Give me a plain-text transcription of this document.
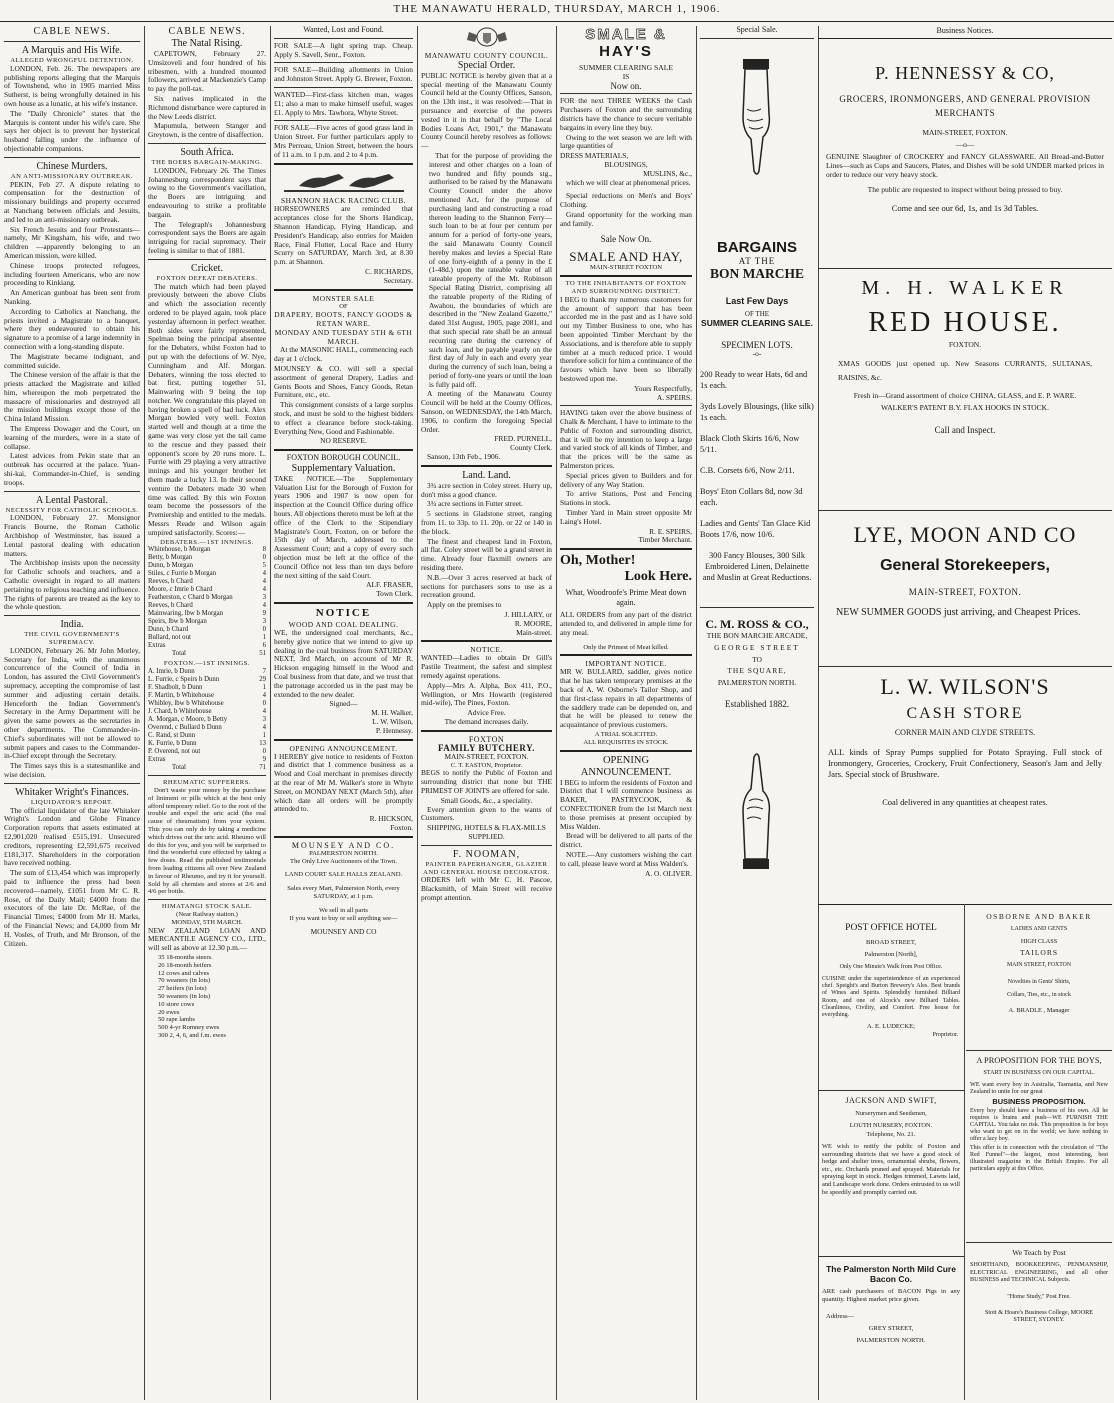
THE MANAWATU HERALD, THURSDAY, MARCH 1, 1906.
CABLE NEWS.
A Marquis and His Wife.
ALLEGED WRONGFUL DETENTION.

LONDON, Feb. 26. The newspapers are publishing reports alleging that the Marquis of Townshend, who in 1905 married Miss Sutherst, is being wrongfully detained in his own house as a lunatic, at his wife's instance.

The "Daily Chronicle" states that the Marquis is content under his wife's care. She says her object is to prevent her hysterical husband falling under the influence of objectionable companions.

Chinese Murders.
AN ANTI-MISSIONARY OUTBREAK.

PEKIN, Feb 27. A dispute relating to compensation for the destruction of missionary buildings and property occurred at Nanchang between officials and Jesuits, and led to an anti-missionary outbreak.

Six French Jesuits and four Protestants—namely, Mr Kingsham, his wife, and two children —apparently belonging to an American mission, were killed.

Chinese troops protected refugees, including fourteen Americans, who are now proceeding to Kinkiang.

An American gunboat has been sent from Nanking.

According to Catholics at Nanchang, the priests invited a Magistrate to a banquet, where they endeavoured to obtain his signature to a promise of a large indemnity in connection with a long-standing dispute.

The Magistrate became indignant, and committed suicide.

The Chinese version of the affair is that the priests attacked the Magistrate and killed him, whereupon the mob perpetrated the massacre of missionaries and destroyed all the mission buildings except those of the China Inland Mission.

The Empress Dowager and the Court, on learning of the murders, were in a state of collapse.

Latest advices from Pekin state that an outbreak has occurred at the palace. Yuan-shi-kai, Commander-in-Chief, is sending troops.

A Lental Pastoral.
NECESSITY FOR CATHOLIC SCHOOLS.

LONDON, February 27. Monsignor Francis Bourne, the Roman Catholic Archbishop of Westminster, has issued a Lental pastoral dealing with education matters.

The Archbishop insists upon the necessity for Catholic schools and teachers, and a Catholic oversight in regard to all matters pertaining to religious teaching and influence. The rights of parents are treated as the key to the whole question.

India.
THE CIVIL GOVERNMENT'S SUPREMACY.

LONDON, February 26. Mr John Morley, Secretary for India, with the unanimous concurrence of the Council of India in London, has assured the Civil Government's supremacy, accepting the compromise of last summer and adjusting certain details. Henceforth the Indian Government's Secretary in the Army Department will be given the same powers as the secretaries in other departments. The Commander-in-Chief's subordinates will not be allowed to submit papers and cases to the Commander-in-Chief except through the Secretary.

The Times says this is a statesmanlike and wise decision.

Whitaker Wright's Finances.
LIQUIDATOR'S REPORT.

The official liquidator of the late Whitaker Wright's London and Globe Finance Corporation reports that assets estimated at £2,901,020 realised £515,191. Unsecured creditors, representing £2,591,675 received £181,317. Shareholders in the corporation have received nothing.

The sum of £13,454 which was improperly paid to influence the press had been recovered—namely, £1051 from Mr C. R. Rose, of the Daily Mail; £4000 from the executors of the late Dr. McRae, of the Financial Times; £4000 from Mr H. Marks, of the Financial News; and £4,000 from Mr H. Vosles, of Truth, and Mr Bronson, of the Citizen.

CABLE NEWS.
The Natal Rising.

CAPETOWN, February 27. Umsizoveli and four hundred of his tribesmen, with a hundred mounted followers, arrived at Mackenzie's Camp to pay the poll-tax.

Six natives implicated in the Richmond disturbance were captured in the New Leeds district.

Mapumula, between Stanger and Greytown, is the centre of disaffection.

South Africa.
THE BOERS BARGAIN-MAKING.

LONDON, February 26. The Times Johannesburg correspondent says that owing to the Government's vacillation, the Boers are intriguing and endeavouring to strike a profitable bargain.

The Telegraph's Johannesburg correspondent says the Boers are again intriguing for racial supremacy. Their feeling is similar to that of 1881.

Cricket.
FOXTON DEFEAT DEBATERS.

The match which had been played previously between the above Clubs and which the association recently ordered to be played again, took place yesterday afternoon in perfect weather. Both sides were fairly represented, Spelman being the principal absentee for the Debaters, whilst Foxton had to put up with the defections of W. Nye, Cunningham and Alf. Morgan. Debaters, winning the toss elected to bat first, putting together 51, Mainwaring with 9 being the top notcher. We congratulate this played on having broken a spell of bad luck. Alex Morgan bowled very well. Foxton started well and though at a time the game was very close yet the tail came to the rescue and they passed their opponent's score by 20 runs more. L. Furrie with 29 playing a very attractive innings and his younger brother let them made a lucky 13. In their second venture the Debaters made 30 when time was called. By this win Foxton team become the possessors of the Premiership and entitled to the medals. Messrs Reade and Wilson again umpired satisfactorily. Scores:—

DEBATERS.—1ST INNINGS.
Whitehouse, b Morgan	8
Betty, b Morgan	0
Dunn, b Morgan	5
Stiles, c Furrie b Morgan	4
Reeves, b Chard	4
Moore, c Imrie b Chard	4
Featherston, c Chard b Morgan	3
Reeves, b Chard	4
Mainwaring, lbw b Morgan	9
Speirs, lbw b Morgan	3
Dunn, b Chard	0
Bullard, not out	1
Extras	6
Total	51
FOXTON.—1ST INNINGS.
A. Imrie, b Dunn	7
L. Furrie, c Speirs b Dunn	29
F. Shadbolt, b Dunn	1
F. Martin, b Whitehouse	4
Whibley, lbw b Whitehouse	0
J. Chard, b Whitehouse	4
A. Morgan, c Moore, b Betty	3
Overend, c Bullard b Dunn	4
C. Rand, st Dunn	1
K. Furrie, b Dunn	13
P. Overend, not out	0
Extras	9
Total	71
RHEUMATIC SUFFERERS.

Don't waste your money by the purchase of liniment or pills which at the best only afford temporary relief. Go to the root of the trouble and expel the uric acid (the real cause of rheumatism) from your system. This you can only do by taking a medicine which drives out the uric acid. Rheumo will do this for you, and you will be surprised to find the wonderful cure effected by taking a few doses. Read the published testimonials from leading citizens all over New Zealand in favour of Rheumo, and try it for yourself. Sold by all chemists and stores at 2/6 and 4/6 per bottle.

HIMATANGI STOCK SALE.
(Near Railway station.)
MONDAY, 5TH MARCH.

NEW ZEALAND LOAN AND MERCANTILE AGENCY CO., LTD., will sell as above at 12.30 p.m.—

35 18-months steers.
26 18-month heifers
12 cows and calves
70 weaners (in lots)
27 heifers (in lots)
50 weaners (in lots)
10 store cows
20 ewes
50 rape lambs
500 4-yr Romney ewes
300 2, 4, 6, and f.m. ewes
Wanted, Lost and Found.

FOR SALE—A light spring trap. Cheap. Apply S. Savell, Senr., Foxton.

FOR SALE—Building allotments in Union and Johnston Street. Apply G. Brewer, Foxton.

WANTED—First-class kitchen man, wages £1; also a man to make himself useful, wages £1. Apply to Mrs. Tawhora, Whyte Street.

FOR SALE—Five acres of good grass land in Union Street. For further particulars apply to Mrs Perreau, Union Street, between the hours of 11 a.m. to 1 p.m. and 2 to 4 p.m.

SHANNON HACK RACING CLUB.

HORSEOWNERS are reminded that acceptances close for the Shorts Handicap, Shannon Handicap, Flying Handicap, and President's Handicap, also entries for Maiden Race, Final Flutter, Local Race and Hurry Scurry on SATURDAY, March 3rd, at 8.30 p.m. at Shannon.

C. RICHARDS,
Secretary.
MONSTER SALE
OF
DRAPERY, BOOTS, FANCY GOODS & RETAN WARE.
MONDAY AND TUESDAY 5TH & 6TH MARCH.

At the MASONIC HALL, commencing each day at 1 o'clock.

MOUNSEY & CO. will sell a special assortment of general Drapery, Ladies and Gents Boots and Shoes, Fancy Goods, Retan Furniture, etc., etc.

This consignment consists of a large surplus stock, and must be sold to the highest bidders to effect a clearance before stock-taking. Everything New, Good and Fashionable.

NO RESERVE.
FOXTON BOROUGH COUNCIL.
Supplementary Valuation.

TAKE NOTICE.—The Supplementary Valuation List for the Borough of Foxton for years 1906 and 1907 is now open for inspection at the Council Office during office hours. All objections thereto must be left at the office of the Clerk to the Stipendiary Magistrate's Court, Foxton, on or before the 15th day of March, addressed to the Assessment Court; and a copy of every such objection must be left at the office of the Council Office not less than ten days before the next sitting of the said Court.

ALF. FRASER,
Town Clerk.
NOTICE
WOOD AND COAL DEALING.

WE, the undersigned coal merchants, &c., hereby give notice that we intend to give up dealing in the coal business from SATURDAY NEXT, 3rd March, on account of Mr R. Hickson engaging himself in the Wood and Coal business from that date, and we trust that the patronage accorded us in the past may be extended to the new dealer.

Signed—
M. H. Walker,
L. W. Wilson,
P. Hennessy.
OPENING ANNOUNCEMENT.

I HEREBY give notice to residents of Foxton and district that I commence business as a Wood and Coal merchant in premises directly at the rear of Mr M. Walker's store in Whyte Street, on MONDAY NEXT (March 5th), after which date all orders will be promptly attended to.

R. HICKSON,
Foxton.
MOUNSEY AND CO.
PALMERSTON NORTH.
The Only Live Auctioneers of the Town.
LAND COURT SALE HALLS ZEALAND.
Sales every Mart, Palmerston North, every
SATURDAY, at 1 p.m.
We sell in all parts
If you want to buy or sell anything see—
MOUNSEY AND CO
MANAWATU COUNTY COUNCIL.
Special Order.

PUBLIC NOTICE is hereby given that at a special meeting of the Manawatu County Council held at the County Offices, Sanson, on the 13th inst., it was resolved:—That in pursuance and exercise of the powers vested in it in that behalf by "The Local Bodies Loans Act, 1901," the Manawatu County Council hereby resolves as follows:—

That for the purpose of providing the interest and other charges on a loan of two hundred and fifty pounds stg., authorised to be raised by the Manawatu County Council under the above mentioned Act, for the purpose of purchasing land and constructing a road thereon leading to the Shannon Ferry—such loan to be at four per centum per annum for a period of forty-one years, the said Manawatu County Council hereby makes and levies a Special Rate of one forty-eighth of a penny in the £ (1-48d.) upon the rateable value of all rateable property of the Mt. Robinson Special Rating District, comprising all the rateable property of the Riding of Awahou, the boundaries of which are described in the "New Zealand Gazette," dated 31st August, 1905, page 2081, and that such special rate shall be an annual recurring rate during the currency of such loan, and be payable yearly on the first day of July in each and every year during the currency of such loan, being a period of forty-one years or until the loan is fully paid off.

A meeting of the Manawatu County Council will be held at the County Offices, Sanson, on WEDNESDAY, the 14th March, 1906, to confirm the foregoing Special Order.

FRED. PURNELL,
County Clerk.

Sanson, 13th Feb., 1906.

Land. Land.

3¾ acre section in Coley street. Hurry up, don't miss a good chance.

3¾ acre sections in Futter street.

5 sections in Gladstone street, ranging from 11. to 33p. to 11. 20p. or 22 or 140 in the block.

The finest and cheapest land in Foxton, all flat. Coley street will be a grand street in time. Already four flaxmill owners are residing there.

N.B.—Over 3 acres reserved at back of sections for purchasers sons to use as a recreation ground.

Apply on the premises to

J. HILLARY, or
R. MOORE,
Main-street.
NOTICE.

WANTED—Ladies to obtain Dr Gill's Pastile Treatment, the safest and simplest remedy against operations.

Apply—Mrs A. Alpha, Box 411, P.O., Wellington, or Mrs Howarth (registered mid-wife), The Pines, Foxton.

Advice Free.
The demand increases daily.
FOXTON
FAMILY BUTCHERY.
MAIN-STREET, FOXTON.
C. T. EASTON, Proprietor.

BEGS to notify the Public of Foxton and surrounding district that none but THE PRIMEST OF JOINTS are offered for sale.

Small Goods, &c., a speciality.

Every attention given to the wants of Customers.

SHIPPING, HOTELS & FLAX-MILLS SUPPLIED.
F. NOOMAN,
PAINTER PAPERHANGER, GLAZIER AND GENERAL HOUSE DECORATOR.

ORDERS left with Mr C. H. Pascoe, Blacksmith, of Main Street will receive prompt attention.

SMALE &
HAY'S
SUMMER CLEARING SALE
IS
Now on.

FOR the next THREE WEEKS the Cash Purchasers of Foxton and the surrounding districts have the chance to secure veritable bargains in every line they buy.

Owing to the wet season we are left with large quantities of

DRESS MATERIALS,
BLOUSINGS,
MUSLINS, &c.,

which we will clear at phenomenal prices.

Special reductions on Men's and Boys' Clothing.

Grand opportunity for the working man and family.

Sale Now On.
SMALE AND HAY,
MAIN-STREET FOXTON
TO THE INHABITANTS OF FOXTON AND SURROUNDING DISTRICT.

I BEG to thank my numerous customers for the amount of support that has been accorded me in the past and as I have sold out my Timber Business to one, who has been appointed Timber Merchant by the Associations, and is therefore able to supply timber at a much reduced price. I would therefore solicit for him a continuance of the favours which have been so liberally bestowed upon me.

Yours Respectfully,
A. SPEIRS.

HAVING taken over the above business of Chalk & Merchant, I have to intimate to the Public of Foxton and surrounding district, that it will be my intention to keep a large and varied stock of all kinds of Timber, and that the prices will be the same as Palmerston prices.

Special prices given to Builders and for delivery of any Way Station.

To arrive Stations, Post and Fencing Stations in stock.

Timber Yard in Main street opposite Mr Laing's Hotel.

R. E. SPEIRS,
Timber Merchant.
Oh, Mother!
Look Here.
What, Woodroofe's Prime Meat down again.

ALL ORDERS from any part of the district attended to, and delivered in ample time for any meal.

Only the Primest of Meat killed.
IMPORTANT NOTICE.

MR W. BULLARD, saddler, gives notice that he has taken temporary premises at the back of A. W. Osborne's Tailor Shop, and that first-class repairs in all departments of the saddlery trade can be depended on, and that he will be pleased to renew the acquaintance of previous customers.

A TRIAL SOLICITED.
ALL REQUISITES IN STOCK.
OPENING ANNOUNCEMENT.

I BEG to inform the residents of Foxton and District that I will commence business as BAKER, PASTRYCOOK, & CONFECTIONER from the 1st March next to those premises at present occupied by Miss Walden.

Bread will be delivered to all parts of the district.

NOTE.—Any customers wishing the cart to call, please leave word at Miss Walden's.

A. O. OLIVER.
Special Sale.
BARGAINS
AT THE
BON MARCHE
Last Few Days
OF THE
SUMMER CLEARING SALE.
SPECIMEN LOTS.
-o-

200 Ready to wear Hats, 6d and 1s each.

3yds Lovely Blousings, (like silk) 1s each.

Black Cloth Skirts 16/6, Now 5/11.

C.B. Corsets 6/6, Now 2/11.

Boys' Eton Collars 8d, now 3d each.

Ladies and Gents' Tan Glace Kid Boots 17/6, now 10/6.

300 Fancy Blouses, 300 Silk Embroidered Linen, Delainette and Muslin at Great Reductions.

C. M. ROSS & CO.,
THE BON MARCHE ARCADE,
GEORGE STREET
TO
THE SQUARE,
PALMERSTON NORTH.
Established 1882.
Business Notices.
P. HENNESSY & CO,
GROCERS, IRONMONGERS, AND GENERAL PROVISION MERCHANTS
MAIN-STREET, FOXTON.
—o—
GENUINE Slaughter of CROCKERY and FANCY GLASSWARE. All Bread-and-Butter Lines—such as Cups and Saucers, Plates, and Dishes will be sold UNDER marked prices in order to reduce our very heavy stock.
The public are requested to inspect without being pressed to buy.
Come and see our 6d, 1s, and 1s 3d Tables.
M. H. WALKER
RED HOUSE.
FOXTON.
XMAS GOODS just opened up. New Seasons CURRANTS, SULTANAS, RAISINS, &c.
Fresh in—Grand assortment of choice CHINA, GLASS, and E. P. WARE.
WALKER'S PATENT B.Y. FLAX HOOKS IN STOCK.
Call and Inspect.
LYE, MOON AND CO
General Storekeepers,
MAIN-STREET, FOXTON.
NEW SUMMER GOODS just arriving, and Cheapest Prices.
L. W. WILSON'S
CASH STORE
CORNER MAIN AND CLYDE STREETS.
ALL kinds of Spray Pumps supplied for Potato Spraying. Full stock of Ironmongery, Groceries, Crockery, Fruit Confectionery, Season's Jam and Jelly Jars. Special stock of Brushware.
Coal delivered in any quantities at cheapest rates.
POST OFFICE HOTEL
BROAD STREET,
Palmerston [North],
Only One Minute's Walk from Post Office.
CUISINE under the superintendence of an experienced chef. Speight's and Burton Brewery's Ales. Best brands of Wines and Spirits. Splendidly furnished Billiard Room, and one of Alcock's new Billiard Tables. Cleanliness, Civility, and Comfort. Free house for everything.
A. E. LUDECKE;
Proprietor.
JACKSON AND SWIFT,
Nurserymen and Seedsmen,
LOUTH NURSERY, FOXTON.
Telephone, No. 21.
WE wish to notify the public of Foxton and surrounding districts that we have a good stock of hedge and shelter trees, ornamental shrubs, flowers, etc., etc. Orchards pruned and sprayed. Materials for spraying kept in stock. Hedges trimmed, Lawns laid, and Landscape work done. Orders entrusted to us will be speedily and promptly carried out.
The Palmerston North Mild Cure Bacon Co.
ARE cash purchasers of BACON Pigs in any quantity. Highest market price given.
Address—
GREY STREET,
PALMERSTON NORTH.
OSBORNE AND BAKER
LADIES AND GENTS
HIGH CLASS
TAILORS
MAIN STREET, FOXTON
Novelties in Gents' Shirts,
Collars, Ties, etc., in stock
A. BRADLE , Manager
A PROPOSITION FOR THE BOYS,
START IN BUSINESS ON OUR CAPITAL.
WE want every boy in Australia, Tasmania, and New Zealand to unite for our great
BUSINESS PROPOSITION.
Every boy should have a business of his own. All he requires is brains and push—WE FURNISH THE CAPITAL. You take no risk. This proposition is for boys who want to get on in the world; we have nothing to offer a lazy boy.
This offer is in connection with the circulation of "The Red Funnel"—the largest, most interesting, best illustrated magazine in the British Empire. For all particulars apply at this Office.
We Teach by Post
SHORTHAND, BOOKKEEPING, PENMANSHIP, ELECTRICAL ENGINEERING, and all other BUSINESS and TECHNICAL Subjects.
"Home Study," Post Free.
Stott & Hoare's Business College, MOORE STREET, SYDNEY.
